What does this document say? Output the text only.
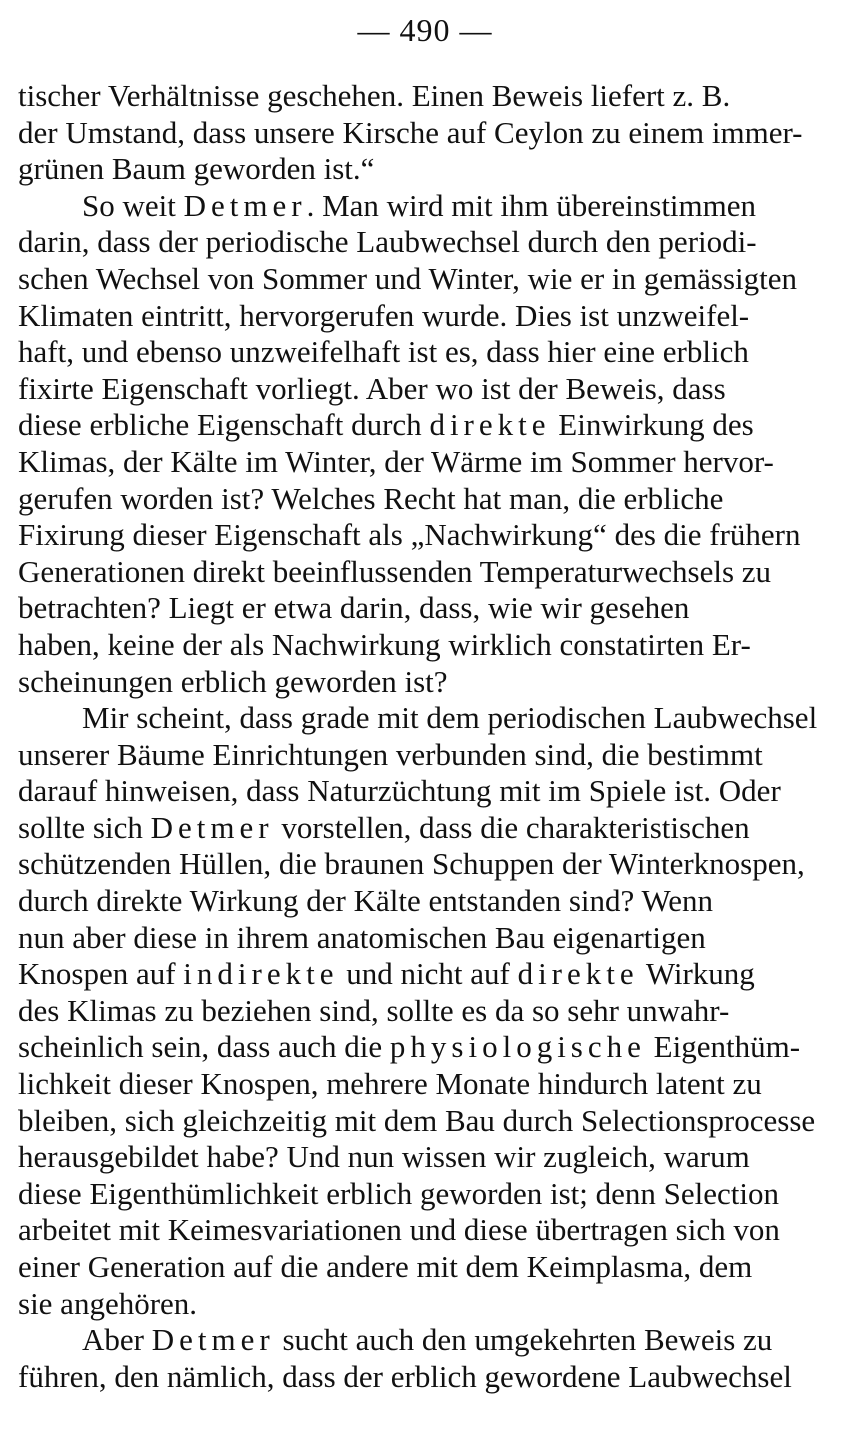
— 490 —
tischer Verhältnisse geschehen. Einen Beweis liefert z. B.
der Umstand, dass unsere Kirsche auf Ceylon zu einem immer-
grünen Baum geworden ist.“
So weit Detmer. Man wird mit ihm übereinstimmen
darin, dass der periodische Laubwechsel durch den periodi-
schen Wechsel von Sommer und Winter, wie er in gemässigten
Klimaten eintritt, hervorgerufen wurde. Dies ist unzweifel-
haft, und ebenso unzweifelhaft ist es, dass hier eine erblich
fixirte Eigenschaft vorliegt. Aber wo ist der Beweis, dass
diese erbliche Eigenschaft durch direkte Einwirkung des
Klimas, der Kälte im Winter, der Wärme im Sommer hervor-
gerufen worden ist? Welches Recht hat man, die erbliche
Fixirung dieser Eigenschaft als „Nachwirkung“ des die frühern
Generationen direkt beeinflussenden Temperaturwechsels zu
betrachten? Liegt er etwa darin, dass, wie wir gesehen
haben, keine der als Nachwirkung wirklich constatirten Er-
scheinungen erblich geworden ist?
Mir scheint, dass grade mit dem periodischen Laubwechsel
unserer Bäume Einrichtungen verbunden sind, die bestimmt
darauf hinweisen, dass Naturzüchtung mit im Spiele ist. Oder
sollte sich Detmer vorstellen, dass die charakteristischen
schützenden Hüllen, die braunen Schuppen der Winterknospen,
durch direkte Wirkung der Kälte entstanden sind? Wenn
nun aber diese in ihrem anatomischen Bau eigenartigen
Knospen auf indirekte und nicht auf direkte Wirkung
des Klimas zu beziehen sind, sollte es da so sehr unwahr-
scheinlich sein, dass auch die physiologische Eigenthüm-
lichkeit dieser Knospen, mehrere Monate hindurch latent zu
bleiben, sich gleichzeitig mit dem Bau durch Selectionsprocesse
herausgebildet habe? Und nun wissen wir zugleich, warum
diese Eigenthümlichkeit erblich geworden ist; denn Selection
arbeitet mit Keimesvariationen und diese übertragen sich von
einer Generation auf die andere mit dem Keimplasma, dem
sie angehören.
Aber Detmer sucht auch den umgekehrten Beweis zu
führen, den nämlich, dass der erblich gewordene Laubwechsel
